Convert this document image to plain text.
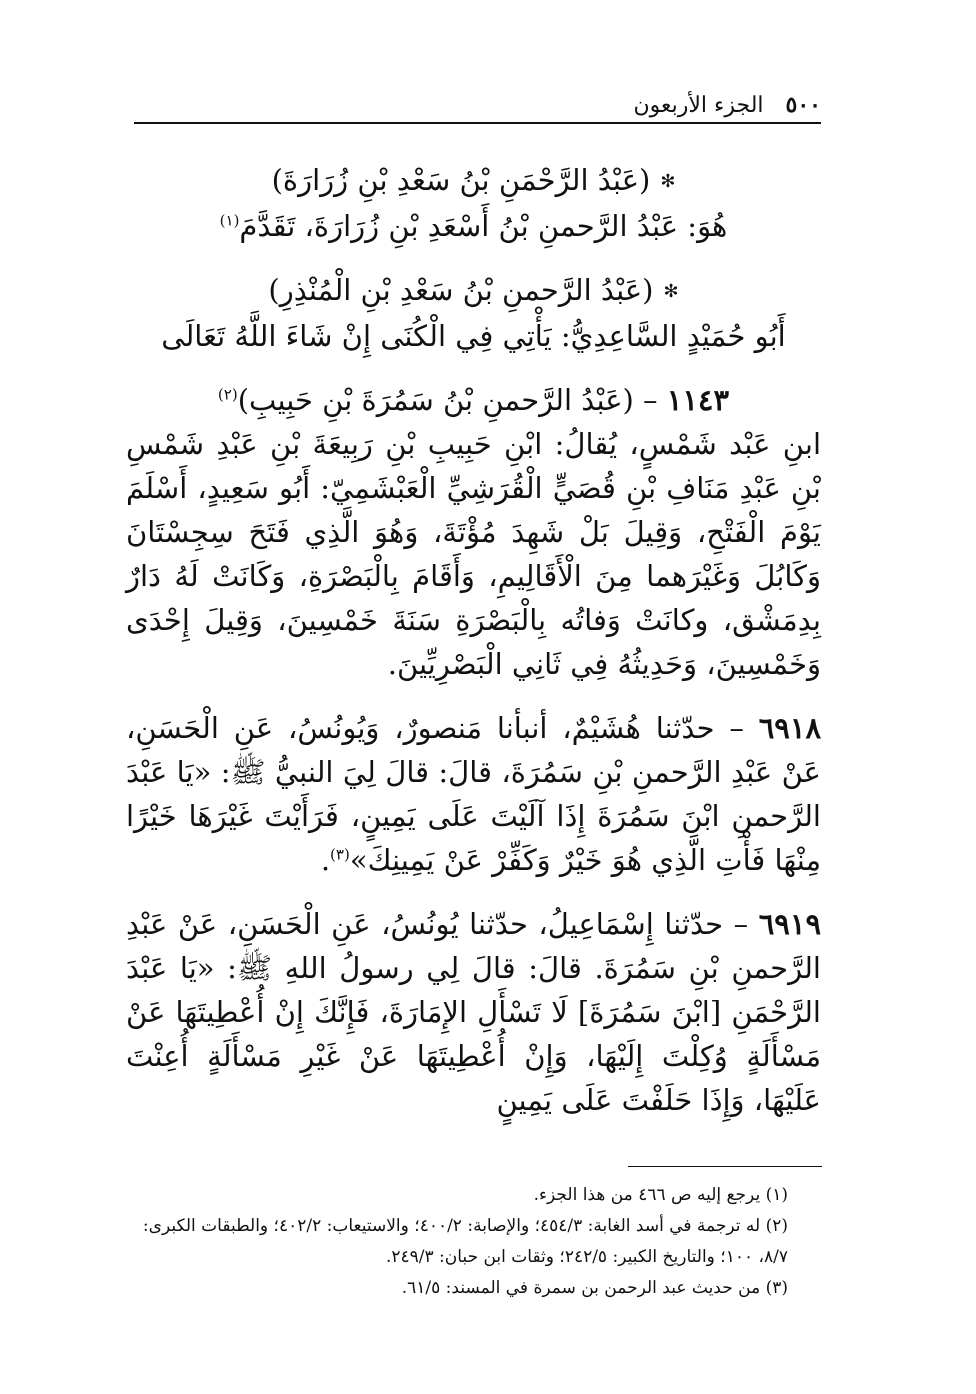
٥٠٠
الجزء الأربعون
✻(عَبْدُ الرَّحْمَنِ بْنُ سَعْدِ بْنِ زُرَارَةَ)
هُوَ: عَبْدُ الرَّحمنِ بْنُ أَسْعَدِ بْنِ زُرَارَةَ، تَقَدَّمَ$^{(١)}$
✻(عَبْدُ الرَّحمنِ بْنُ سَعْدِ بْنِ الْمُنْذِرِ)
أَبُو حُمَيْدٍ السَّاعِدِيُّ: يَأْتِي فِي الْكُنَى إِنْ شَاءَ اللَّهُ تَعَالَى
١١٤٣ – (عَبْدُ الرَّحمنِ بْنُ سَمُرَةَ بْنِ حَبِيبِ)$^{(٢)}$
ابنِ عَبْد شَمْسٍ، يُقالُ: ابْنِ حَبِيبِ بْنِ رَبِيعَةَ بْنِ عَبْدِ شَمْسِ بْنِ عَبْدِ مَنَافِ بْنِ قُصَيٍّ الْقُرَشِيِّ الْعَبْشَمِيّ: أَبُو سَعِيدٍ، أَسْلَمَ يَوْمَ الْفَتْحِ، وَقِيلَ بَلْ شَهِدَ مُؤْتَةَ، وَهُوَ الَّذِي فَتَحَ سِجِسْتَانَ وَكَابُلَ وَغَيْرَهما مِنَ الْأَقَالِيمِ، وَأَقَامَ بِالْبَصْرَةِ، وَكَانَتْ لَهُ دَارٌ بِدِمَشْق، وكانَتْ وَفاتُه بِالْبَصْرَةِ سَنَةَ خَمْسِينَ، وَقِيلَ إِحْدَى وَخَمْسِينَ، وَحَدِيثُهُ فِي ثَانِي الْبَصْرِيِّينَ.
٦٩١٨ – حدّثنا هُشَيْمٌ، أنبأنا مَنصورٌ، وَيُونُسُ، عَنِ الْحَسَنِ، عَنْ عَبْدِ الرَّحمنِ بْنِ سَمُرَةَ، قالَ: قالَ لِيَ النبيُّ ﷺ: «يَا عَبْدَ الرَّحمنِ ابْنَ سَمُرَةَ إِذَا آلَيْتَ عَلَى يَمِينٍ، فَرَأَيْتَ غَيْرَهَا خَيْرًا مِنْهَا فَأْتِ الَّذِي هُوَ خَيْرٌ وَكَفِّرْ عَنْ يَمِينِكَ»$^{(٣)}$.
٦٩١٩ – حدّثنا إِسْمَاعِيلُ، حدّثنا يُونُسُ، عَنِ الْحَسَنِ، عَنْ عَبْدِ الرَّحمنِ بْنِ سَمُرَةَ. قالَ: قالَ لِي رسولُ اللهِ ﷺ: «يَا عَبْدَ الرَّحْمَنِ [ابْنَ سَمُرَةَ] لَا تَسْأَلِ الإِمَارَةَ، فَإِنَّكَ إِنْ أُعْطِيتَهَا عَنْ مَسْأَلَةٍ وُكِلْتَ إِلَيْهَا، وَإِنْ أُعْطِيتَهَا عَنْ غَيْرِ مَسْأَلَةٍ أُعِنْتَ عَلَيْهَا، وَإِذَا حَلَفْتَ عَلَى يَمِينٍ

(١) يرجع إليه ص ٤٦٦ من هذا الجزء.

(٢) له ترجمة في أسد الغابة: ٤٥٤/٣؛ والإصابة: ٤٠٠/٢؛ والاستيعاب: ٤٠٢/٢؛ والطبقات الكبرى: ٨/٧، ١٠٠؛ والتاريخ الكبير: ٢٤٢/٥؛ وثقات ابن حبان: ٢٤٩/٣.

(٣) من حديث عبد الرحمن بن سمرة في المسند: ٦١/٥.
